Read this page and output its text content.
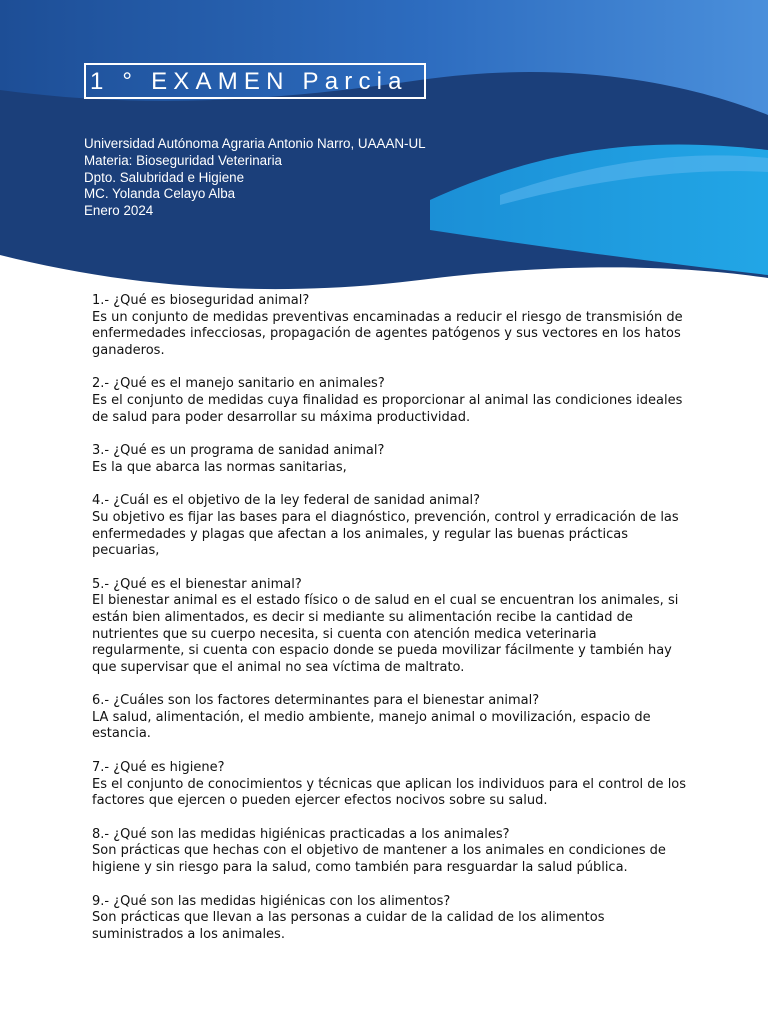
1 ° EXAMEN Parcia
Universidad Autónoma Agraria Antonio Narro, UAAAN-UL
Materia: Bioseguridad Veterinaria
Dpto. Salubridad e Higiene
MC. Yolanda Celayo Alba
Enero 2024
1.- ¿Qué es bioseguridad animal?
Es un conjunto de medidas preventivas encaminadas a reducir el riesgo de transmisión de enfermedades infecciosas, propagación de agentes patógenos y sus vectores en los hatos ganaderos.
2.- ¿Qué es el manejo sanitario en animales?
Es el conjunto de medidas cuya finalidad es proporcionar al animal las condiciones ideales de salud para poder desarrollar su máxima productividad.
3.- ¿Qué es un programa de sanidad animal?
Es la que abarca las normas sanitarias,
4.- ¿Cuál es el objetivo de la ley federal de sanidad animal?
Su objetivo es fijar las bases para el diagnóstico, prevención, control y erradicación de las enfermedades y plagas que afectan a los animales, y regular las buenas prácticas pecuarias,
5.- ¿Qué es el bienestar animal?
El bienestar animal es el estado físico o de salud en el cual se encuentran los animales, si están bien alimentados, es decir si mediante su alimentación recibe la cantidad de nutrientes que su cuerpo necesita, si cuenta con atención medica veterinaria regularmente, si cuenta con espacio donde se pueda movilizar fácilmente y también hay que supervisar que el animal no sea víctima de maltrato.
6.- ¿Cuáles son los factores determinantes para el bienestar animal?
LA salud, alimentación, el medio ambiente, manejo animal o movilización, espacio de estancia.
7.- ¿Qué es higiene?
Es el conjunto de conocimientos y técnicas que aplican los individuos para el control de los factores que ejercen o pueden ejercer efectos nocivos sobre su salud.
8.- ¿Qué son las medidas higiénicas practicadas a los animales?
Son prácticas que hechas con el objetivo de mantener a los animales en condiciones de higiene y sin riesgo para la salud, como también para resguardar la salud pública.
9.- ¿Qué son las medidas higiénicas con los alimentos?
Son prácticas que llevan a las personas a cuidar de la calidad de los alimentos suministrados a los animales.
